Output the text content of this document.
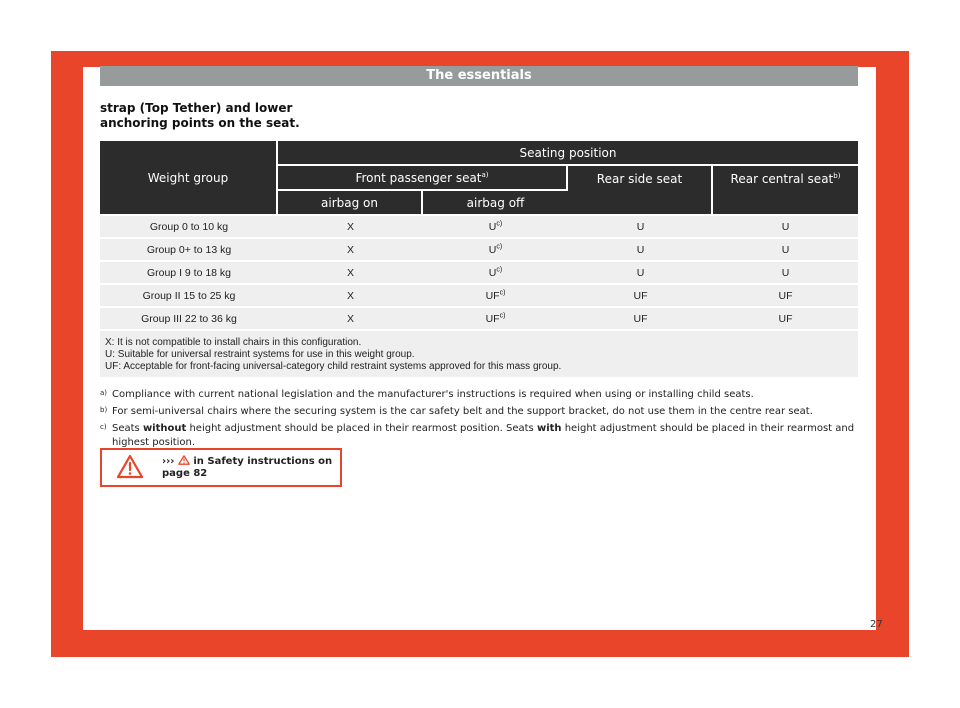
The essentials
strap (Top Tether) and lower anchoring points on the seat.
Weight group	Seating position			
	Front passenger seat$^{a)}$		Rear side seat	Rear central seat$^{b)}$
	airbag on	airbag off		
Group 0 to 10 kg	X	$U^{c)}$	U	U
Group 0+ to 13 kg	X	$U^{c)}$	U	U
Group I 9 to 18 kg	X	$U^{c)}$	U	U
Group II 15 to 25 kg	X	UF$^{c)}$	UF	UF
Group III 22 to 36 kg	X	UF$^{c)}$	UF	UF

X: It is not compatible to install chairs in this configuration.
U: Suitable for universal restraint systems for use in this weight group.
UF: Acceptable for front-facing universal-category child restraint systems approved for this mass group.				
a) Compliance with current national legislation and the manufacturer's instructions is required when using or installing child seats.
b) For semi-universal chairs where the securing system is the car safety belt and the support bracket, do not use them in the centre rear seat.
c) Seats without height adjustment should be placed in their rearmost position. Seats with height adjustment should be placed in their rearmost and highest position.
›››  in Safety instructions on page 82
27
